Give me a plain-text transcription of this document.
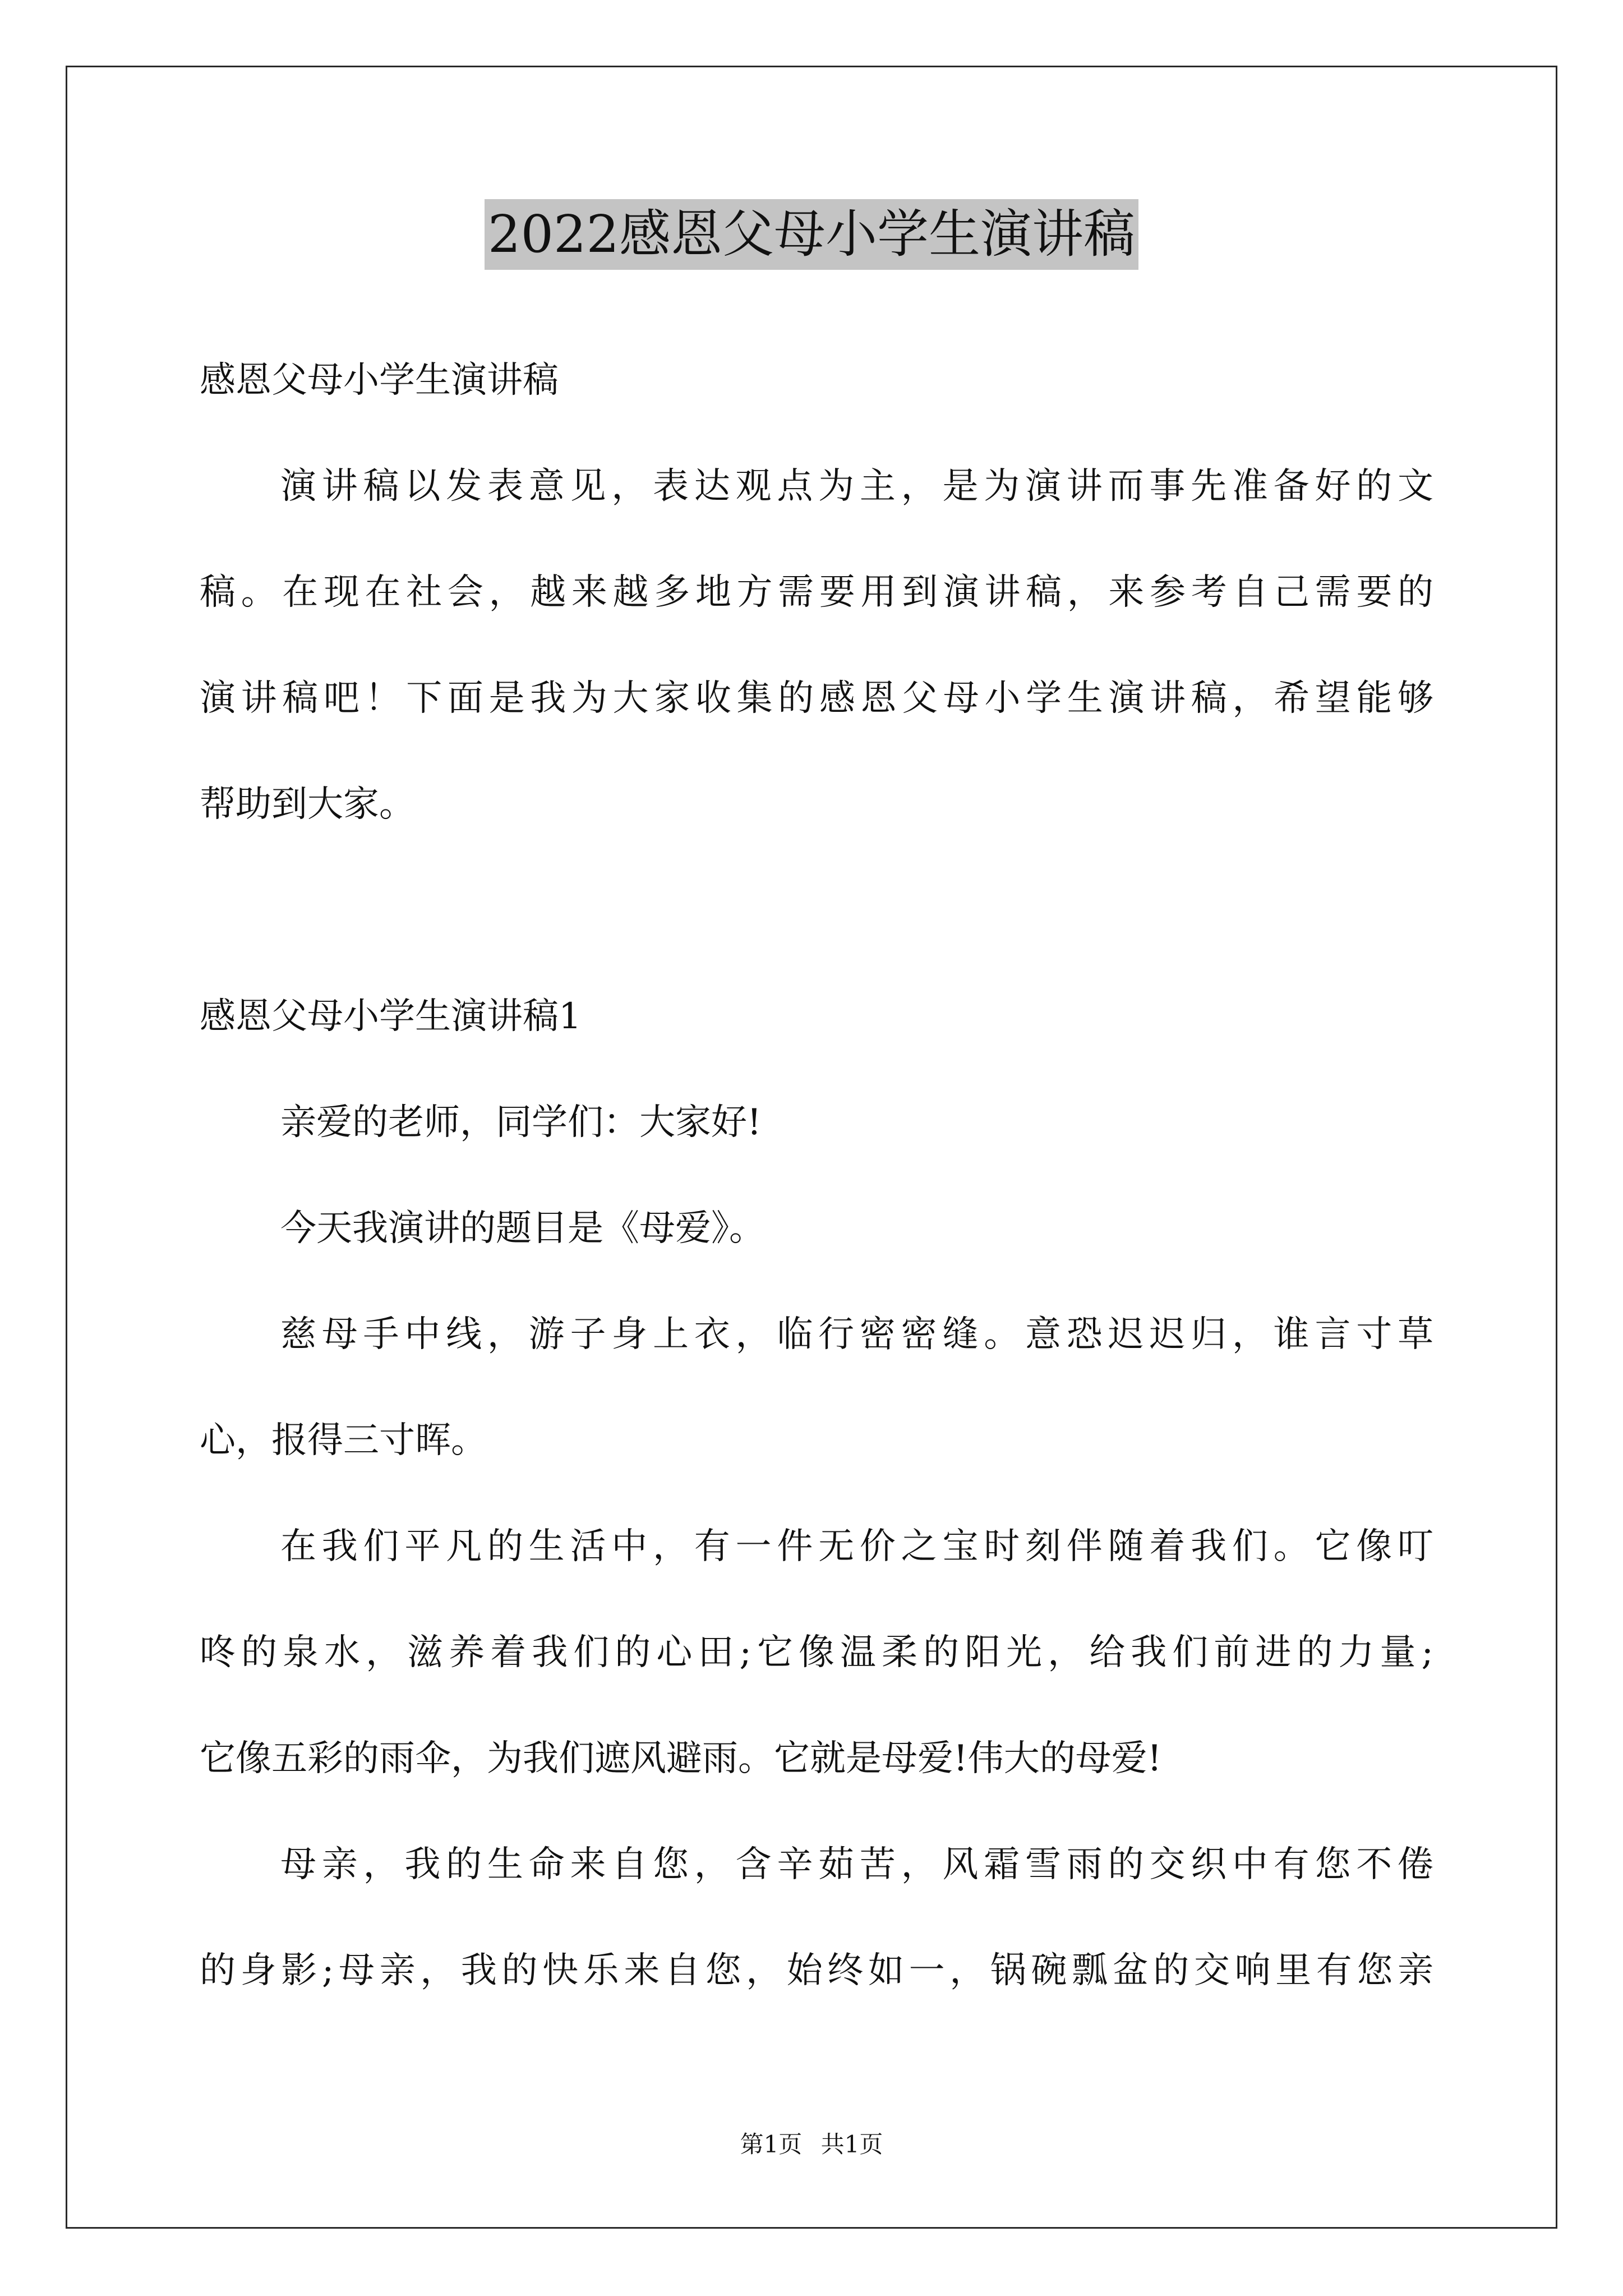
2022感恩父母小学生演讲稿
感恩父母小学生演讲稿
演讲稿以发表意见，表达观点为主，是为演讲而事先准备好的文
稿。在现在社会，越来越多地方需要用到演讲稿，来参考自己需要的
演讲稿吧！下面是我为大家收集的感恩父母小学生演讲稿，希望能够
帮助到大家。
感恩父母小学生演讲稿1
亲爱的老师，同学们：大家好!
今天我演讲的题目是《母爱》。
慈母手中线，游子身上衣，临行密密缝。意恐迟迟归，谁言寸草
心，报得三寸晖。
在我们平凡的生活中，有一件无价之宝时刻伴随着我们。它像叮
咚的泉水，滋养着我们的心田;它像温柔的阳光，给我们前进的力量;
它像五彩的雨伞，为我们遮风避雨。它就是母爱!伟大的母爱!
母亲，我的生命来自您，含辛茹苦，风霜雪雨的交织中有您不倦
的身影;母亲，我的快乐来自您，始终如一，锅碗瓢盆的交响里有您亲
第1页 共1页
